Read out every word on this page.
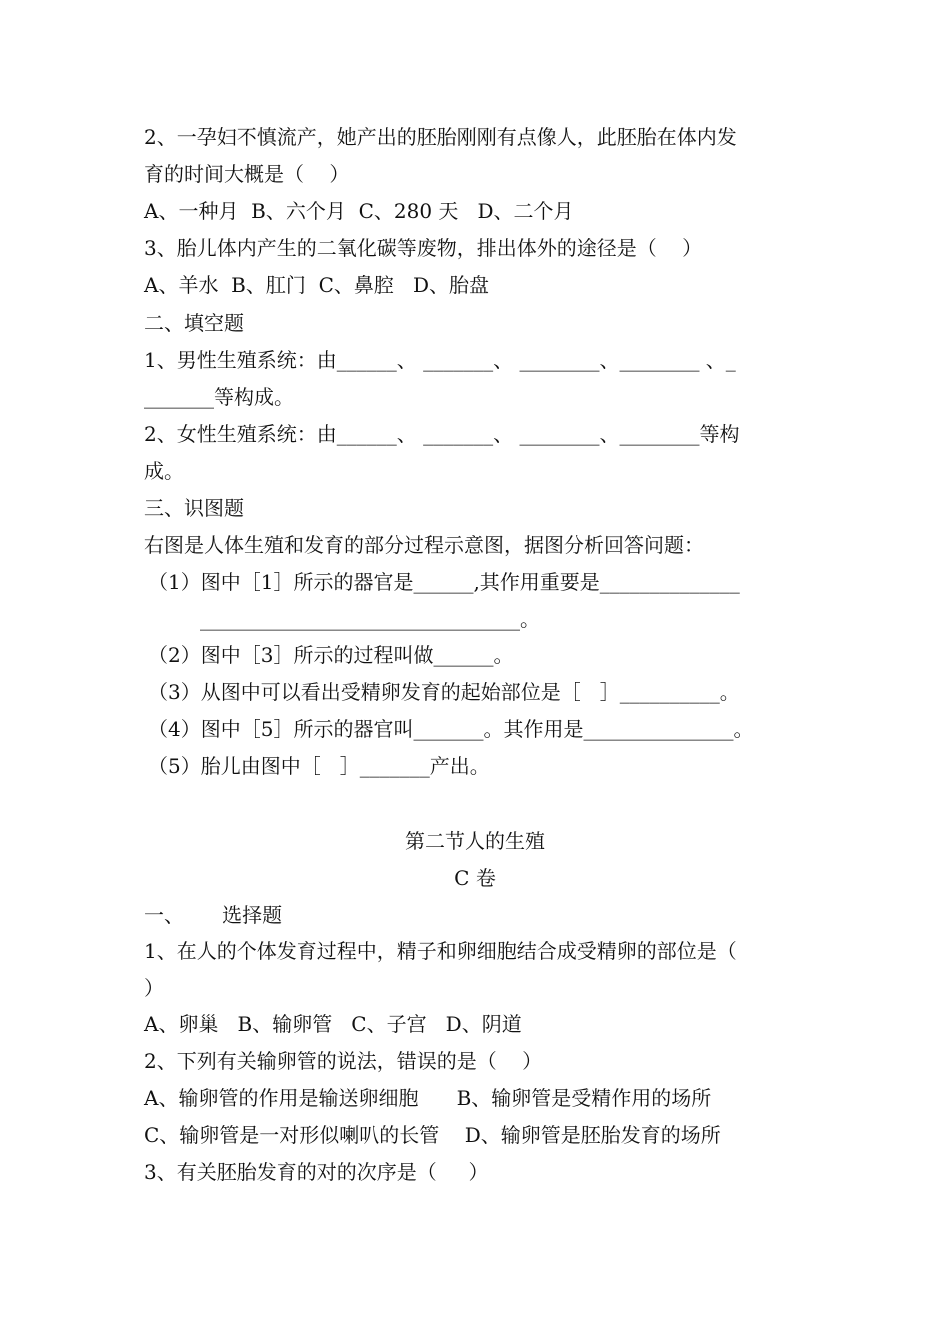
2、一孕妇不慎流产，她产出的胚胎刚刚有点像人，此胚胎在体内发
育的时间大概是（    ）
A、一种月  B、六个月  C、280 天   D、二个月
3、胎儿体内产生的二氧化碳等废物，排出体外的途径是（    ）
A、羊水  B、肛门  C、鼻腔   D、胎盘
二、填空题
1、男性生殖系统：由______、 _______、 ________、________ 、_
_______等构成。
2、女性生殖系统：由______、 _______、 ________、________等构
成。
三、识图题
右图是人体生殖和发育的部分过程示意图，据图分析回答问题：
（1）图中［1］所示的器官是______,其作用重要是______________
________________________________。
（2）图中［3］所示的过程叫做______。
（3）从图中可以看出受精卵发育的起始部位是［   ］__________。
（4）图中［5］所示的器官叫_______。其作用是_______________。
（5）胎儿由图中［   ］_______产出。
第二节人的生殖
C 卷
一、      选择题
1、在人的个体发育过程中，精子和卵细胞结合成受精卵的部位是（
）
A、卵巢   B、输卵管   C、子宫   D、阴道
2、下列有关输卵管的说法，错误的是（    ）
A、输卵管的作用是输送卵细胞      B、输卵管是受精作用的场所
C、输卵管是一对形似喇叭的长管    D、输卵管是胚胎发育的场所
3、有关胚胎发育的对的次序是（     ）
